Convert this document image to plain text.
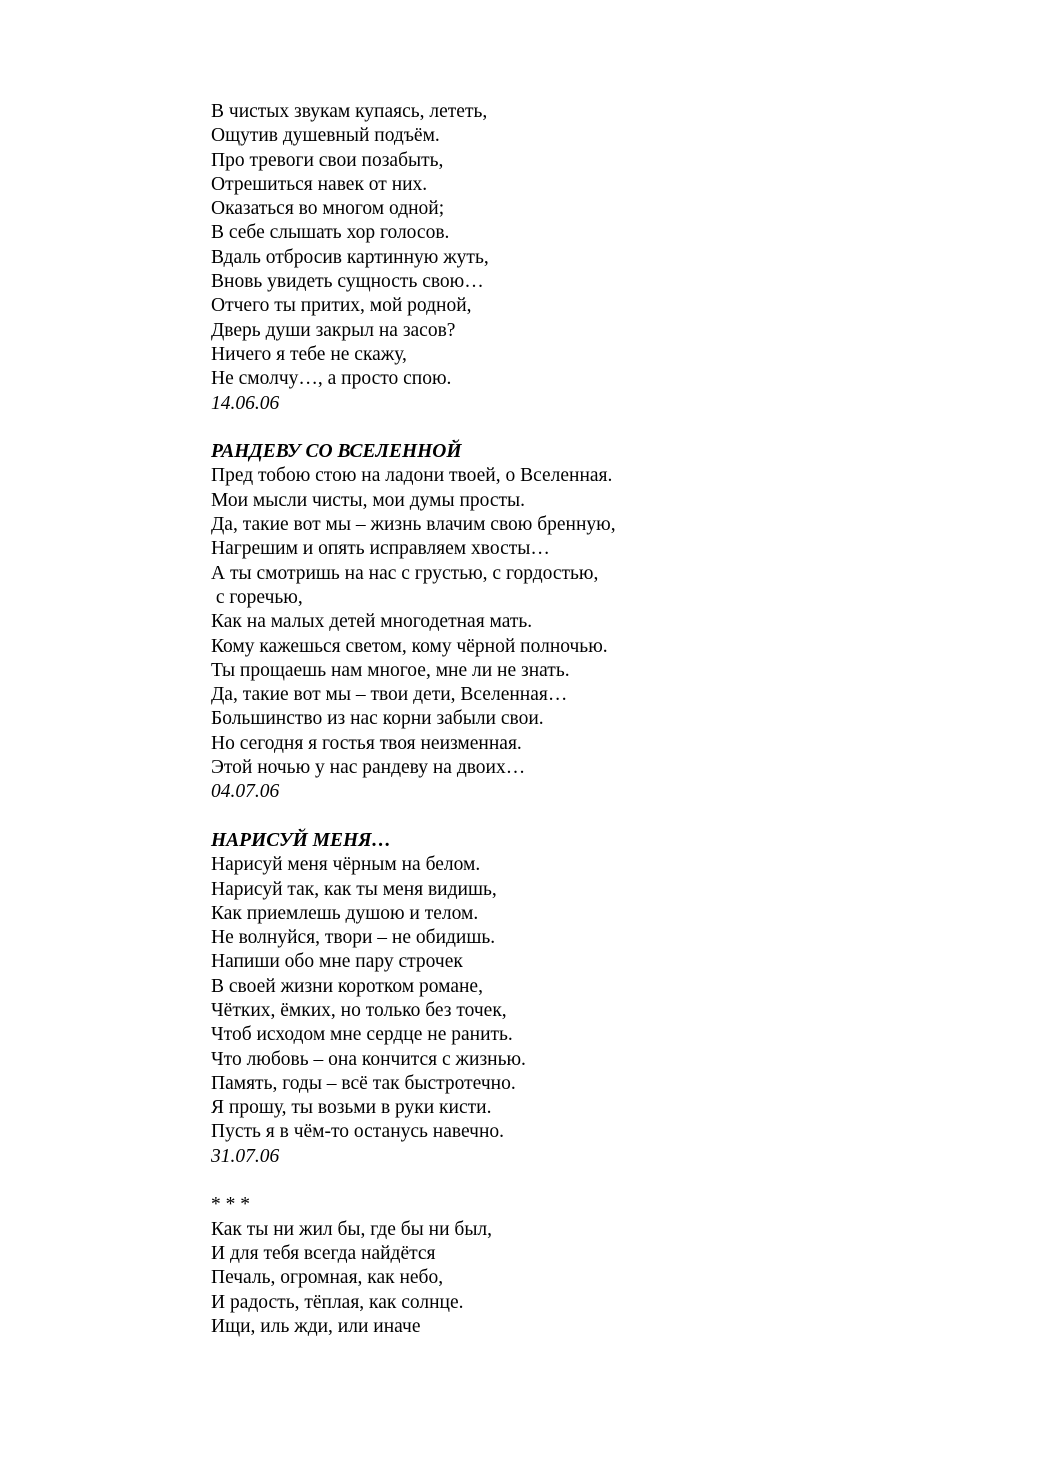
В чистых звукам купаясь, лететь,
Ощутив душевный подъём.
Про тревоги свои позабыть,
Отрешиться навек от них.
Оказаться во многом одной;
В себе слышать хор голосов.
Вдаль отбросив картинную жуть,
Вновь увидеть сущность свою…
Отчего ты притих, мой родной,
Дверь души закрыл на засов?
Ничего я тебе не скажу,
Не смолчу…, а просто спою.
14.06.06
РАНДЕВУ СО ВСЕЛЕННОЙ
Пред тобою стою на ладони твоей, о Вселенная.
Мои мысли чисты, мои думы просты.
Да, такие вот мы – жизнь влачим свою бренную,
Нагрешим и опять исправляем хвосты…
А ты смотришь на нас с грустью, с гордостью,
с горечью,
Как на малых детей многодетная мать.
Кому кажешься светом, кому чёрной полночью.
Ты прощаешь нам многое, мне ли не знать.
Да, такие вот мы – твои дети, Вселенная…
Большинство из нас корни забыли свои.
Но сегодня я гостья твоя неизменная.
Этой ночью у нас рандеву на двоих…
04.07.06
НАРИСУЙ МЕНЯ…
Нарисуй меня чёрным на белом.
Нарисуй так, как ты меня видишь,
Как приемлешь душою и телом.
Не волнуйся, твори – не обидишь.
Напиши обо мне пару строчек
В своей жизни коротком романе,
Чётких, ёмких, но только без точек,
Чтоб исходом мне сердце не ранить.
Что любовь – она кончится с жизнью.
Память, годы – всё так быстротечно.
Я прошу, ты возьми в руки кисти.
Пусть я в чём-то останусь навечно.
31.07.06
* * *
Как ты ни жил бы, где бы ни был,
И для тебя всегда найдётся
Печаль, огромная, как небо,
И радость, тёплая, как солнце.
Ищи, иль жди, или иначе
